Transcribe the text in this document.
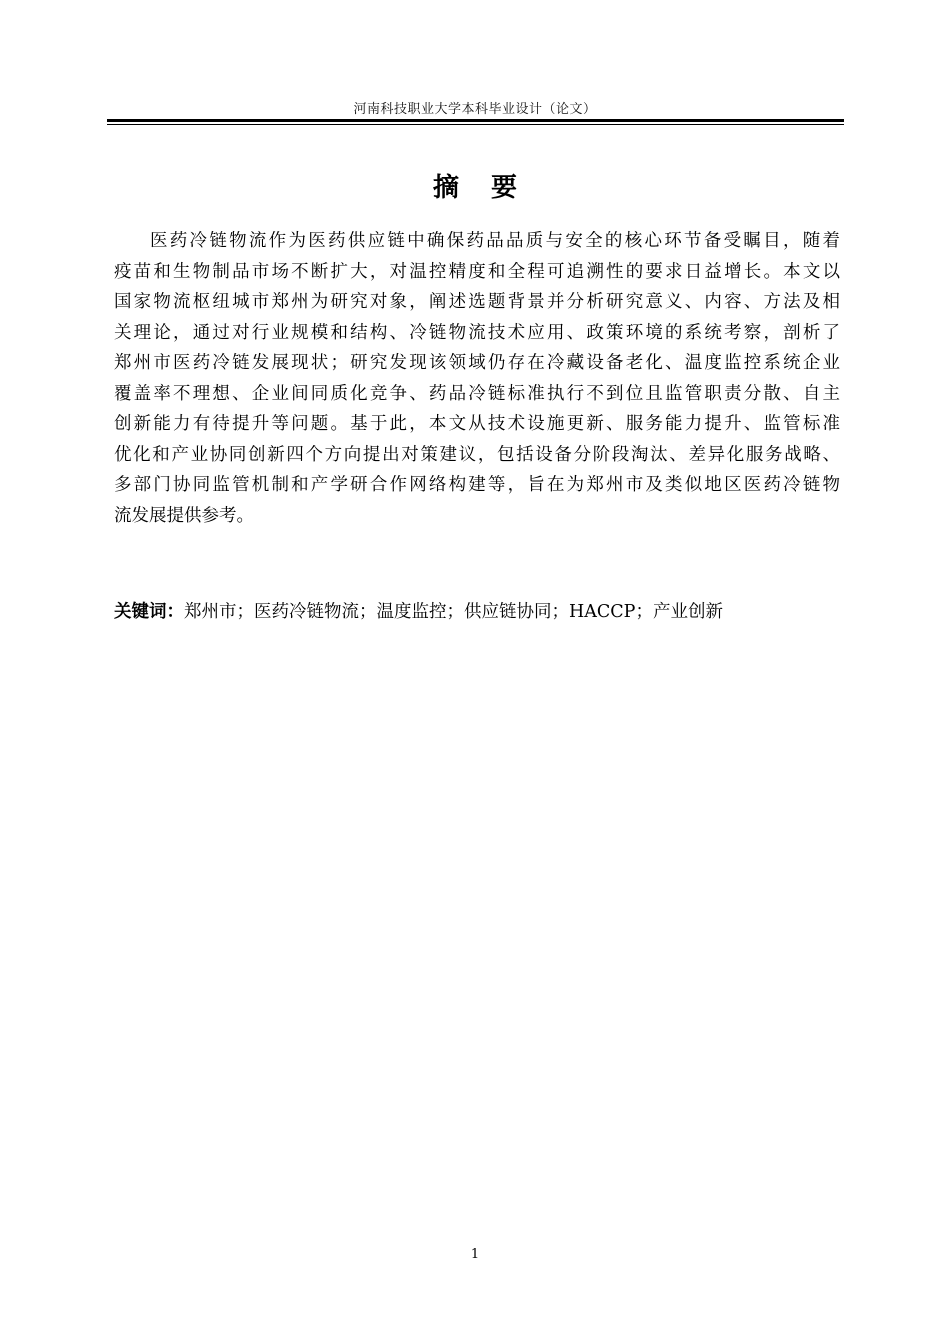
河南科技职业大学本科毕业设计（论文）
摘要
医药冷链物流作为医药供应链中确保药品品质与安全的核心环节备受瞩目，随着
疫苗和生物制品市场不断扩大，对温控精度和全程可追溯性的要求日益增长。本文以
国家物流枢纽城市郑州为研究对象，阐述选题背景并分析研究意义、内容、方法及相
关理论，通过对行业规模和结构、冷链物流技术应用、政策环境的系统考察，剖析了
郑州市医药冷链发展现状；研究发现该领域仍存在冷藏设备老化、温度监控系统企业
覆盖率不理想、企业间同质化竞争、药品冷链标准执行不到位且监管职责分散、自主
创新能力有待提升等问题。基于此，本文从技术设施更新、服务能力提升、监管标准
优化和产业协同创新四个方向提出对策建议，包括设备分阶段淘汰、差异化服务战略、
多部门协同监管机制和产学研合作网络构建等，旨在为郑州市及类似地区医药冷链物
流发展提供参考。
关键词：郑州市；医药冷链物流；温度监控；供应链协同；HACCP；产业创新
1
